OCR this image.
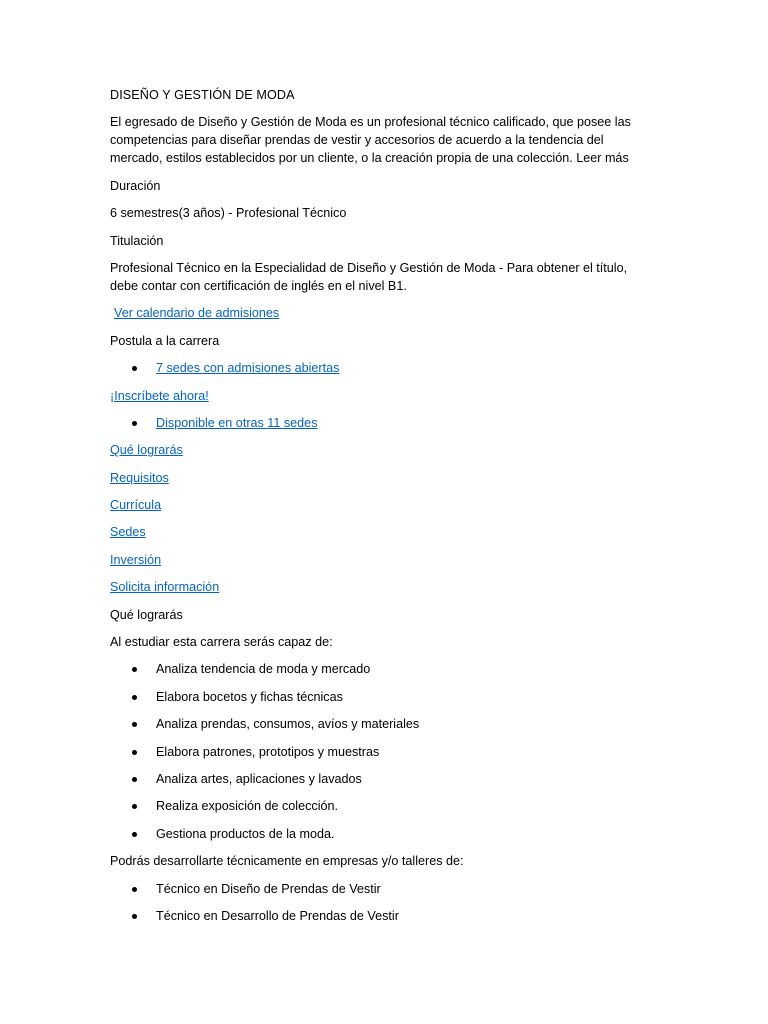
DISEÑO Y GESTIÓN DE MODA

El egresado de Diseño y Gestión de Moda es un profesional técnico calificado, que posee las
competencias para diseñar prendas de vestir y accesorios de acuerdo a la tendencia del
mercado, estilos establecidos por un cliente, o la creación propia de una colección. Leer más

Duración

6 semestres(3 años) - Profesional Técnico

Titulación

Profesional Técnico en la Especialidad de Diseño y Gestión de Moda - Para obtener el título,
debe contar con certificación de inglés en el nivel B1.

Ver calendario de admisiones

Postula a la carrera

7 sedes con admisiones abiertas

¡Inscríbete ahora!

Disponible en otras 11 sedes

Qué lograrás

Requisitos

Currícula

Sedes

Inversión

Solicita información

Qué lograrás

Al estudiar esta carrera serás capaz de:

Analiza tendencia de moda y mercado
Elabora bocetos y fichas técnicas
Analiza prendas, consumos, avíos y materiales
Elabora patrones, prototipos y muestras
Analiza artes, aplicaciones y lavados
Realiza exposición de colección.
Gestiona productos de la moda.

Podrás desarrollarte técnicamente en empresas y/o talleres de:

Técnico en Diseño de Prendas de Vestir
Técnico en Desarrollo de Prendas de Vestir
